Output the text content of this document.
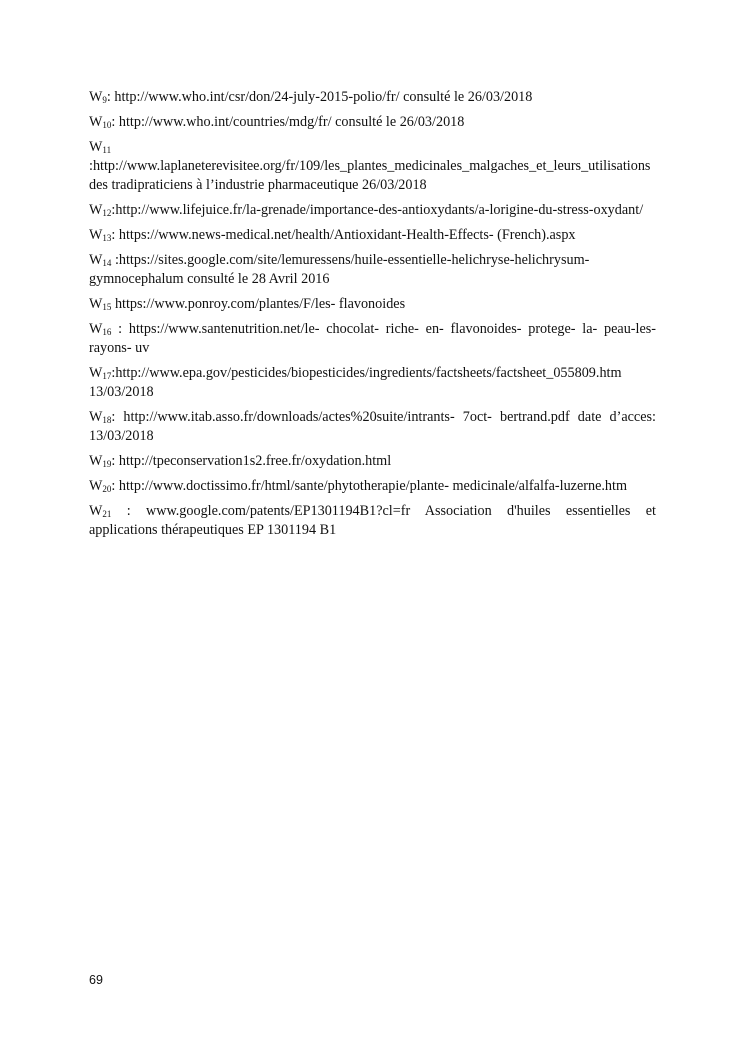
$W_9$: http://www.who.int/csr/don/24-july-2015-polio/fr/ consulté le 26/03/2018

$W_{10}$: http://www.who.int/countries/mdg/fr/ consulté le 26/03/2018

$W_{11}$ :http://www.laplaneterevisitee.org/fr/109/les_plantes_medicinales_malgaches_et_leurs_utilisations des tradipraticiens à l’industrie pharmaceutique 26/03/2018

$W_{12}:http://www.lifejuice.fr/la-grenade/importance-des-antioxydants/a-lorigine-du-stress-oxydant/$

$W_{13}$: https://www.news-medical.net/health/Antioxidant-Health-Effects- (French).aspx

$W_{14}$ :https://sites.google.com/site/lemuressens/huile-essentielle-helichryse-helichrysum-gymnocephalum consulté le 28 Avril 2016

$W_{15}$ https://www.ponroy.com/plantes/F/les- flavonoides

$W_{16}$ : https://www.santenutrition.net/le- chocolat- riche- en- flavonoides- protege- la- peau-les- rayons- uv

$W_{17}:http://www.epa.gov/pesticides/biopesticides/ingredients/factsheets/factsheet\_055809.htm$ 13/03/2018

$W_{18}$: http://www.itab.asso.fr/downloads/actes%20suite/intrants- 7oct- bertrand.pdf date d’acces: 13/03/2018

$W_{19}$: http://tpeconservation1s2.free.fr/oxydation.html

$W_{20}$: http://www.doctissimo.fr/html/sante/phytotherapie/plante- medicinale/alfalfa-luzerne.htm

$W_{21}$ : www.google.com/patents/EP1301194B1?cl=fr Association d'huiles essentielles et applications thérapeutiques EP 1301194 B1

69
